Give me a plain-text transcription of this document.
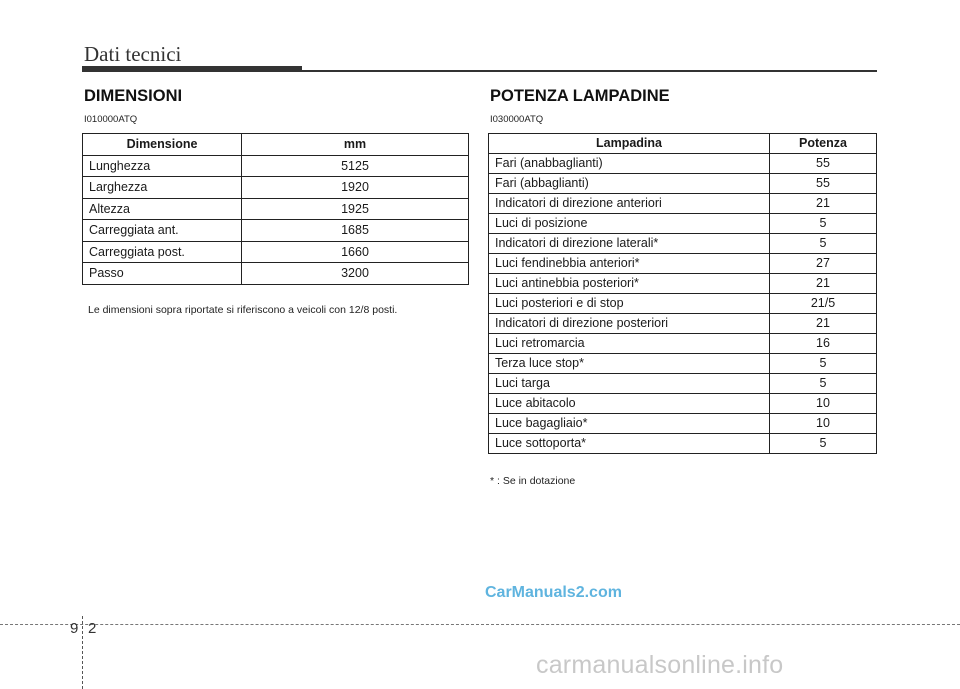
Dati tecnici
DIMENSIONI
I010000ATQ
Dimensione	mm
Lunghezza	5125
Larghezza	1920
Altezza	1925
Carreggiata ant.	1685
Carreggiata post.	1660
Passo	3200
Le dimensioni sopra riportate si riferiscono a veicoli con 12/8 posti.
POTENZA LAMPADINE
I030000ATQ
Lampadina	Potenza
Fari (anabbaglianti)	55
Fari (abbaglianti)	55
Indicatori di direzione anteriori	21
Luci di posizione	5
Indicatori di direzione laterali*	5
Luci fendinebbia anteriori*	27
Luci antinebbia posteriori*	21
Luci posteriori e di stop	21/5
Indicatori di direzione posteriori	21
Luci retromarcia	16
Terza luce stop*	5
Luci targa	5
Luce abitacolo	10
Luce bagagliaio*	10
Luce sottoporta*	5
* : Se in dotazione
9 2
CarManuals2.com
carmanualsonline.info
